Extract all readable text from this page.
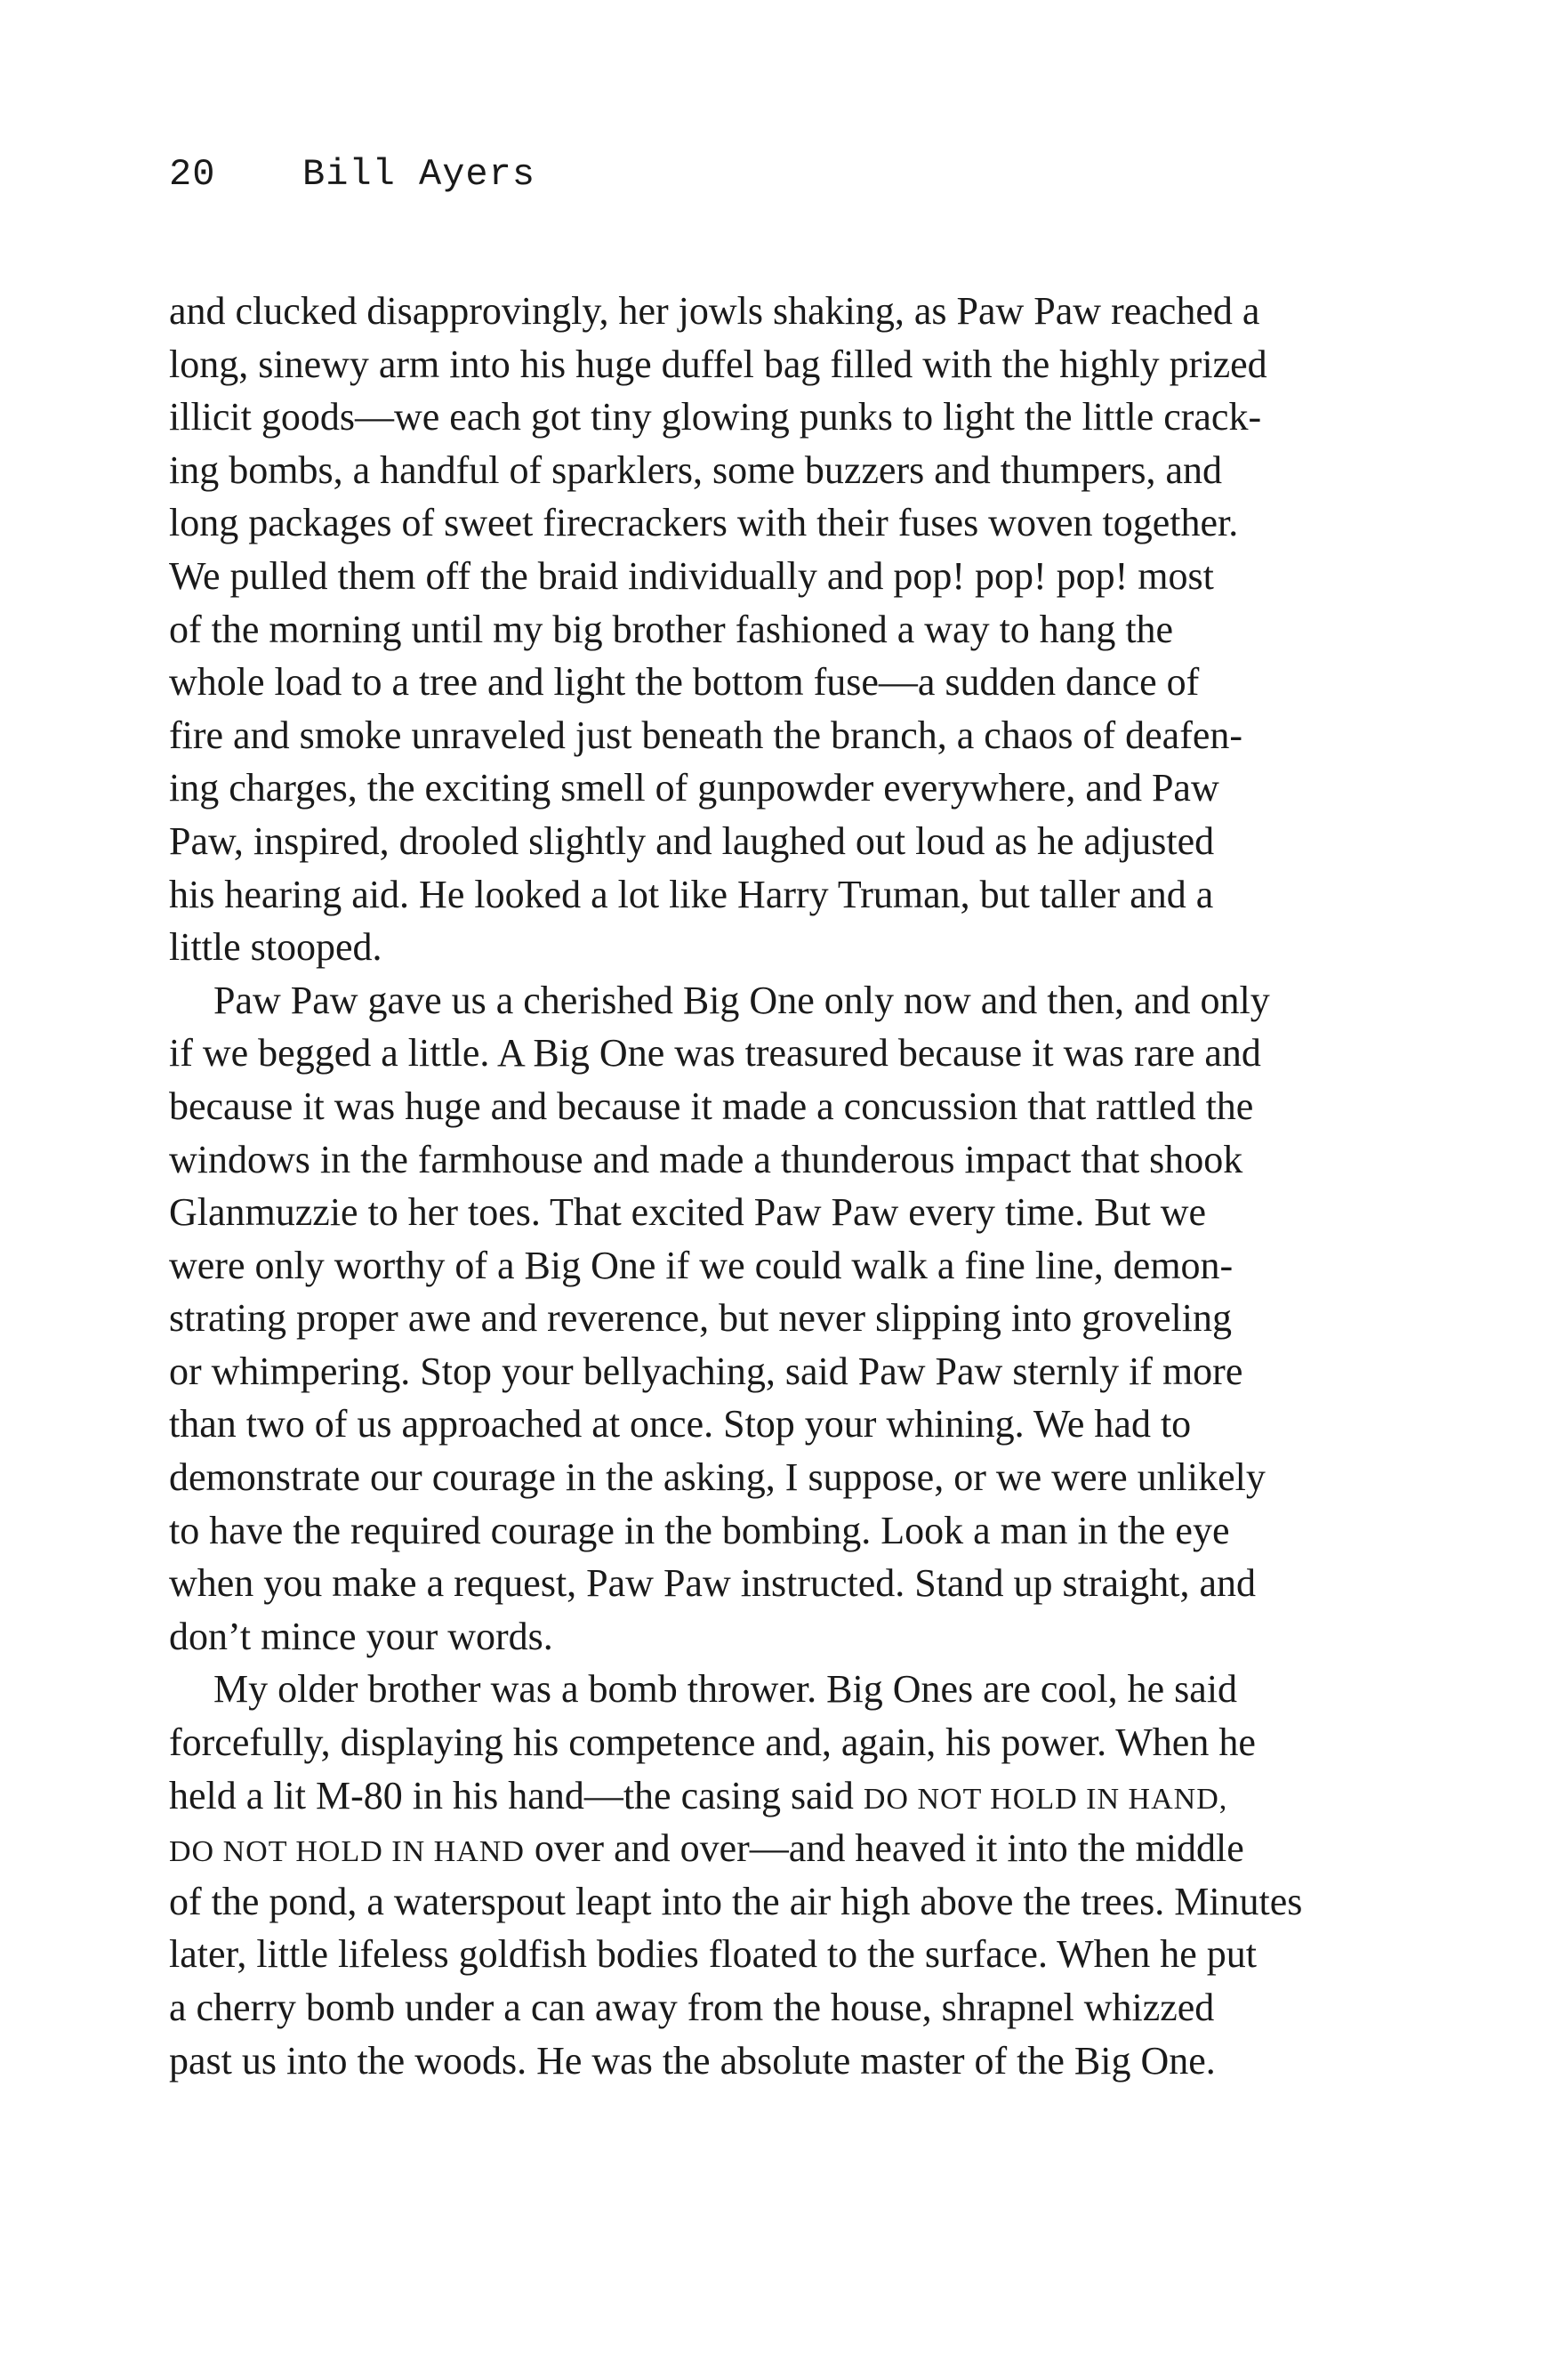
20 Bill Ayers
and clucked disapprovingly, her jowls shaking, as Paw Paw reached a
long, sinewy arm into his huge duffel bag filled with the highly prized
illicit goods—we each got tiny glowing punks to light the little crack-
ing bombs, a handful of sparklers, some buzzers and thumpers, and
long packages of sweet firecrackers with their fuses woven together.
We pulled them off the braid individually and pop! pop! pop! most
of the morning until my big brother fashioned a way to hang the
whole load to a tree and light the bottom fuse—a sudden dance of
fire and smoke unraveled just beneath the branch, a chaos of deafen-
ing charges, the exciting smell of gunpowder everywhere, and Paw
Paw, inspired, drooled slightly and laughed out loud as he adjusted
his hearing aid. He looked a lot like Harry Truman, but taller and a
little stooped.
Paw Paw gave us a cherished Big One only now and then, and only
if we begged a little. A Big One was treasured because it was rare and
because it was huge and because it made a concussion that rattled the
windows in the farmhouse and made a thunderous impact that shook
Glanmuzzie to her toes. That excited Paw Paw every time. But we
were only worthy of a Big One if we could walk a fine line, demon-
strating proper awe and reverence, but never slipping into groveling
or whimpering. Stop your bellyaching, said Paw Paw sternly if more
than two of us approached at once. Stop your whining. We had to
demonstrate our courage in the asking, I suppose, or we were unlikely
to have the required courage in the bombing. Look a man in the eye
when you make a request, Paw Paw instructed. Stand up straight, and
don’t mince your words.
My older brother was a bomb thrower. Big Ones are cool, he said
forcefully, displaying his competence and, again, his power. When he
held a lit M-80 in his hand—the casing said DO NOT HOLD IN HAND,
DO NOT HOLD IN HAND over and over—and heaved it into the middle
of the pond, a waterspout leapt into the air high above the trees. Minutes
later, little lifeless goldfish bodies floated to the surface. When he put
a cherry bomb under a can away from the house, shrapnel whizzed
past us into the woods. He was the absolute master of the Big One.
